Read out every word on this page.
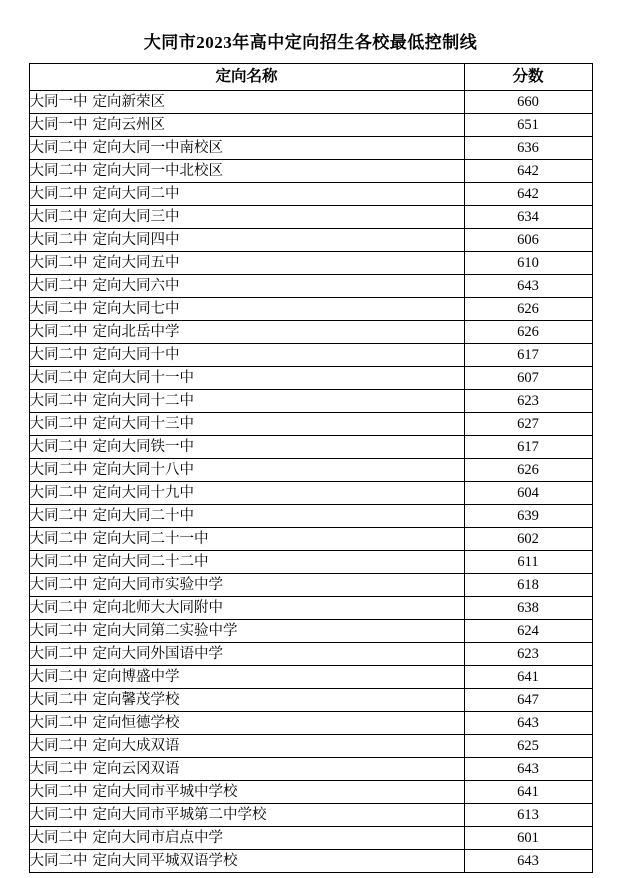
大同市2023年高中定向招生各校最低控制线
定向名称	分数
大同一中 定向新荣区	660
大同一中 定向云州区	651
大同二中 定向大同一中南校区	636
大同二中 定向大同一中北校区	642
大同二中 定向大同二中	642
大同二中 定向大同三中	634
大同二中 定向大同四中	606
大同二中 定向大同五中	610
大同二中 定向大同六中	643
大同二中 定向大同七中	626
大同二中 定向北岳中学	626
大同二中 定向大同十中	617
大同二中 定向大同十一中	607
大同二中 定向大同十二中	623
大同二中 定向大同十三中	627
大同二中 定向大同铁一中	617
大同二中 定向大同十八中	626
大同二中 定向大同十九中	604
大同二中 定向大同二十中	639
大同二中 定向大同二十一中	602
大同二中 定向大同二十二中	611
大同二中 定向大同市实验中学	618
大同二中 定向北师大大同附中	638
大同二中 定向大同第二实验中学	624
大同二中 定向大同外国语中学	623
大同二中 定向博盛中学	641
大同二中 定向馨茂学校	647
大同二中 定向恒德学校	643
大同二中 定向大成双语	625
大同二中 定向云冈双语	643
大同二中 定向大同市平城中学校	641
大同二中 定向大同市平城第二中学校	613
大同二中 定向大同市启点中学	601
大同二中 定向大同平城双语学校	643
